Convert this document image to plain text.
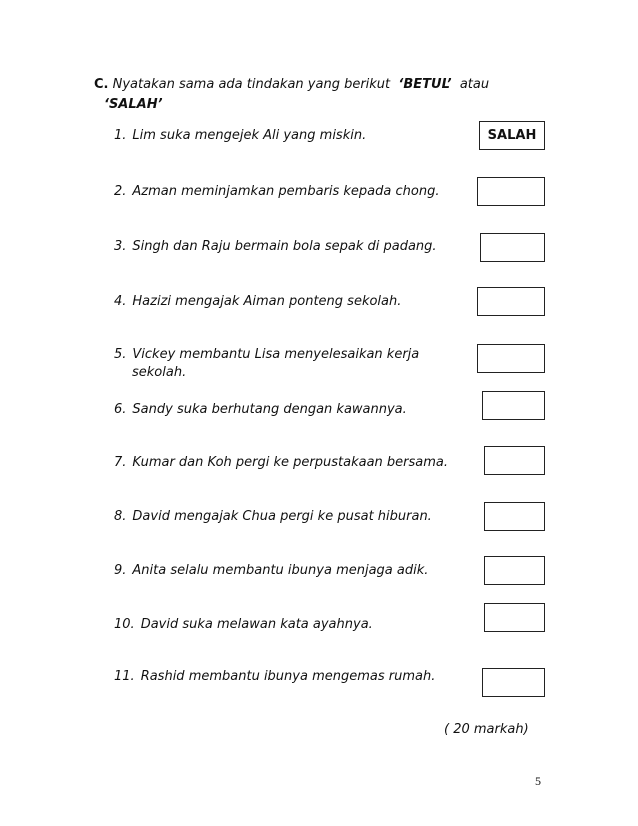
C. Nyatakan sama ada tindakan yang berikut ‘BETUL’ atau
‘SALAH’
1. Lim suka mengejek Ali yang miskin.	SALAH
2. Azman meminjamkan pembaris kepada chong.
3. Singh dan Raju bermain bola sepak di padang.
4. Hazizi mengajak Aiman ponteng sekolah.
5. Vickey membantu Lisa menyelesaikan kerja
sekolah.
6. Sandy suka berhutang dengan kawannya.
7. Kumar dan Koh pergi ke perpustakaan bersama.
8. David mengajak Chua pergi ke pusat hiburan.
9. Anita selalu membantu ibunya menjaga adik.
10. David suka melawan kata ayahnya.
11. Rashid membantu ibunya mengemas rumah.
( 20 markah)
5
